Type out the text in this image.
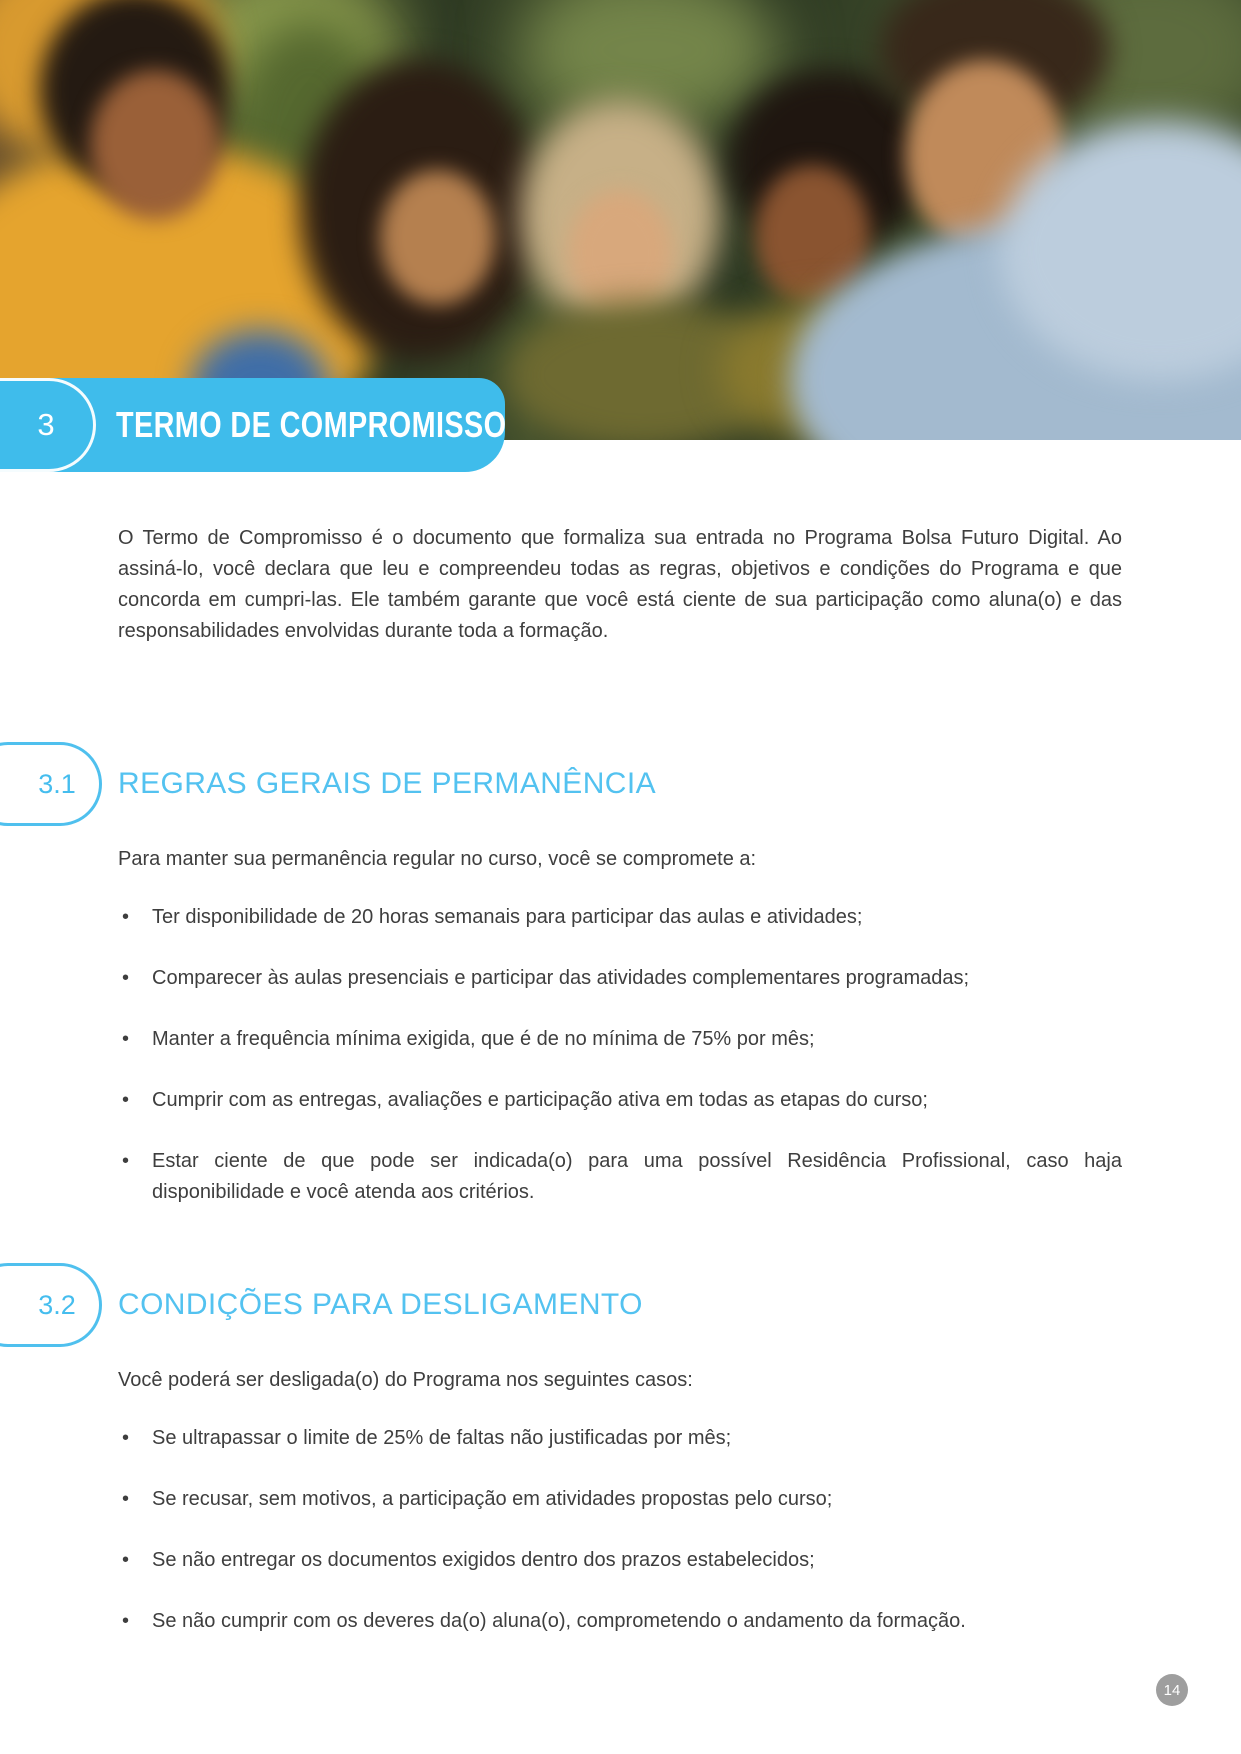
3 TERMO DE COMPROMISSO

O Termo de Compromisso é o documento que formaliza sua entrada no Programa Bolsa Futuro Digital. Ao assiná-lo, você declara que leu e compreendeu todas as regras, objetivos e condições do Programa e que concorda em cumpri-las. Ele também garante que você está ciente de sua participação como aluna(o) e das responsabilidades envolvidas durante toda a formação.

3.1 REGRAS GERAIS DE PERMANÊNCIA

Para manter sua permanência regular no curso, você se compromete a:

• Ter disponibilidade de 20 horas semanais para participar das aulas e atividades;
• Comparecer às aulas presenciais e participar das atividades complementares programadas;
• Manter a frequência mínima exigida, que é de no mínima de 75% por mês;
• Cumprir com as entregas, avaliações e participação ativa em todas as etapas do curso;
• Estar ciente de que pode ser indicada(o) para uma possível Residência Profissional, caso haja disponibilidade e você atenda aos critérios.
3.2 CONDIÇÕES PARA DESLIGAMENTO

Você poderá ser desligada(o) do Programa nos seguintes casos:

• Se ultrapassar o limite de 25% de faltas não justificadas por mês;
• Se recusar, sem motivos, a participação em atividades propostas pelo curso;
• Se não entregar os documentos exigidos dentro dos prazos estabelecidos;
• Se não cumprir com os deveres da(o) aluna(o), comprometendo o andamento da formação.
14
